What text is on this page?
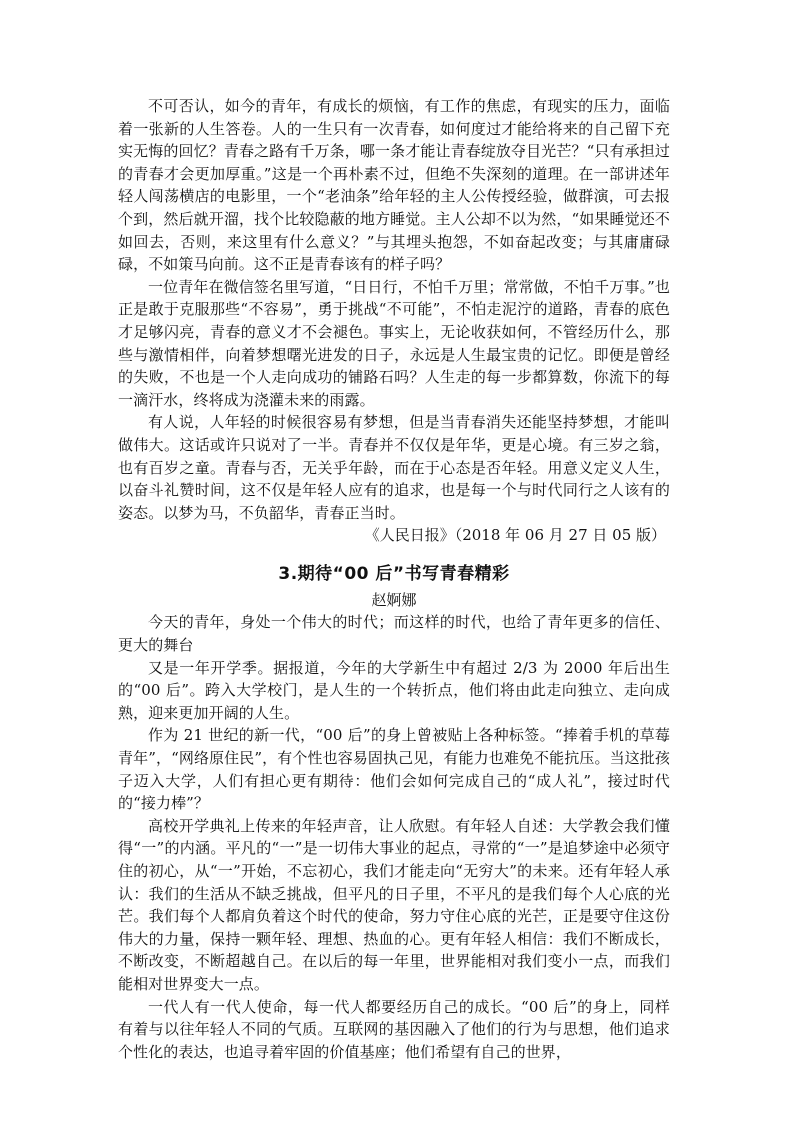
不可否认，如今的青年，有成长的烦恼，有工作的焦虑，有现实的压力，面临着一张新的人生答卷。人的一生只有一次青春，如何度过才能给将来的自己留下充实无悔的回忆？青春之路有千万条，哪一条才能让青春绽放夺目光芒？“只有承担过的青春才会更加厚重。”这是一个再朴素不过，但绝不失深刻的道理。在一部讲述年轻人闯荡横店的电影里，一个“老油条”给年轻的主人公传授经验，做群演，可去报个到，然后就开溜，找个比较隐蔽的地方睡觉。主人公却不以为然，“如果睡觉还不如回去，否则，来这里有什么意义？”与其埋头抱怨，不如奋起改变；与其庸庸碌碌，不如策马向前。这不正是青春该有的样子吗？

一位青年在微信签名里写道，“日日行，不怕千万里；常常做，不怕千万事。”也正是敢于克服那些“不容易”，勇于挑战“不可能”，不怕走泥泞的道路，青春的底色才足够闪亮，青春的意义才不会褪色。事实上，无论收获如何，不管经历什么，那些与激情相伴，向着梦想曙光进发的日子，永远是人生最宝贵的记忆。即便是曾经的失败，不也是一个人走向成功的铺路石吗？人生走的每一步都算数，你流下的每一滴汗水，终将成为浇灌未来的雨露。

有人说，人年轻的时候很容易有梦想，但是当青春消失还能坚持梦想，才能叫做伟大。这话或许只说对了一半。青春并不仅仅是年华，更是心境。有三岁之翁，也有百岁之童。青春与否，无关乎年龄，而在于心态是否年轻。用意义定义人生，以奋斗礼赞时间，这不仅是年轻人应有的追求，也是每一个与时代同行之人该有的姿态。以梦为马，不负韶华，青春正当时。

《人民日报》（2018 年 06 月 27 日 05 版）

3.期待“00 后”书写青春精彩

赵婀娜

今天的青年，身处一个伟大的时代；而这样的时代，也给了青年更多的信任、更大的舞台

又是一年开学季。据报道，今年的大学新生中有超过 2/3 为 2000 年后出生的“00 后”。跨入大学校门，是人生的一个转折点，他们将由此走向独立、走向成熟，迎来更加开阔的人生。

作为 21 世纪的新一代，“00 后”的身上曾被贴上各种标签。“捧着手机的草莓青年”，“网络原住民”，有个性也容易固执己见，有能力也难免不能抗压。当这批孩子迈入大学，人们有担心更有期待：他们会如何完成自己的“成人礼”，接过时代的“接力棒”？

高校开学典礼上传来的年轻声音，让人欣慰。有年轻人自述：大学教会我们懂得“一”的内涵。平凡的“一”是一切伟大事业的起点，寻常的“一”是追梦途中必须守住的初心，从“一”开始，不忘初心，我们才能走向“无穷大”的未来。还有年轻人承认：我们的生活从不缺乏挑战，但平凡的日子里，不平凡的是我们每个人心底的光芒。我们每个人都肩负着这个时代的使命，努力守住心底的光芒，正是要守住这份伟大的力量，保持一颗年轻、理想、热血的心。更有年轻人相信：我们不断成长，不断改变，不断超越自己。在以后的每一年里，世界能相对我们变小一点，而我们能相对世界变大一点。

一代人有一代人使命，每一代人都要经历自己的成长。“00 后”的身上，同样有着与以往年轻人不同的气质。互联网的基因融入了他们的行为与思想，他们追求个性化的表达，也追寻着牢固的价值基座；他们希望有自己的世界，
